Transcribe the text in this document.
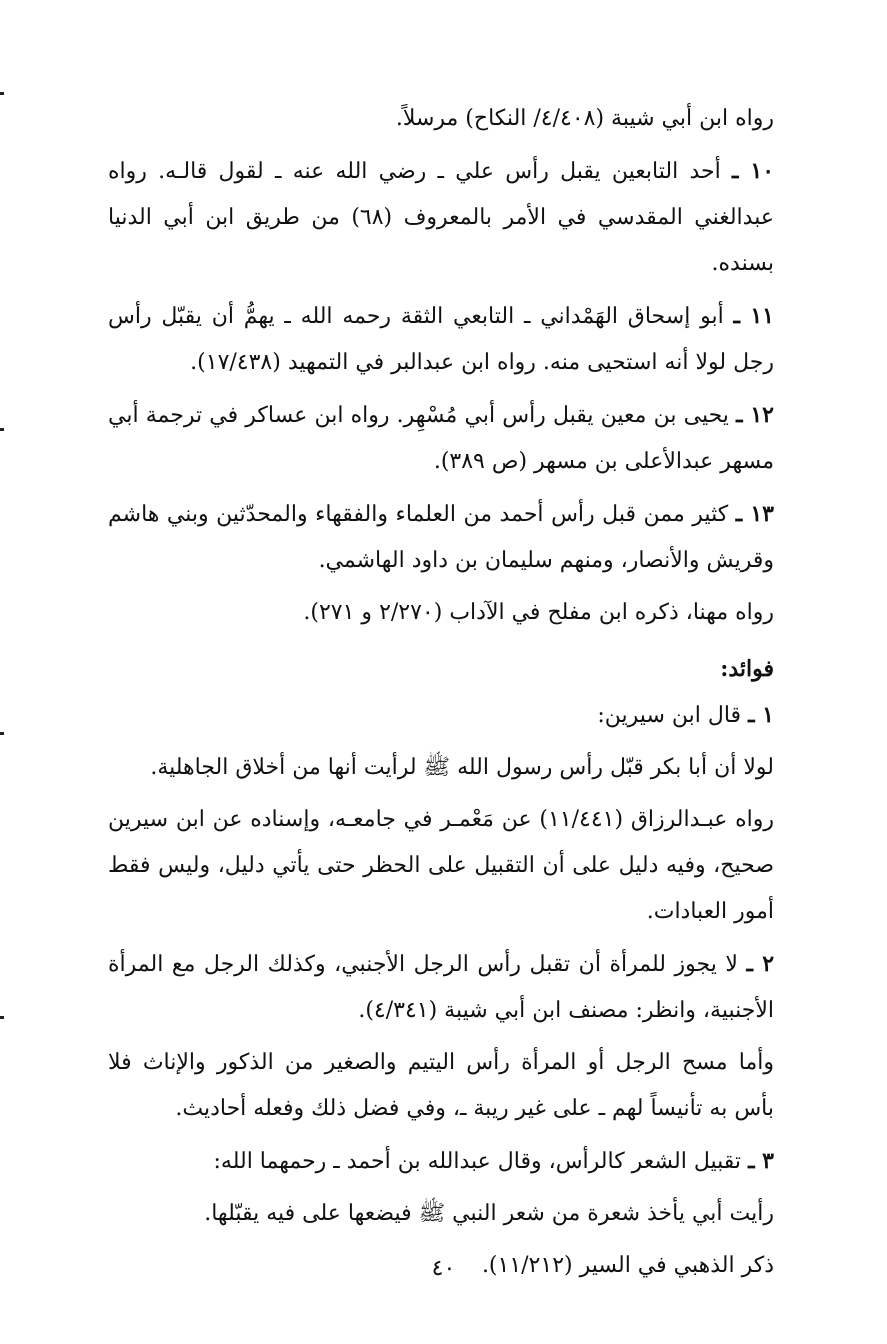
رواه ابن أبي شيبة (٤/٤٠٨/ النكاح) مرسلاً.

١٠ ـ أحد التابعين يقبل رأس علي ـ رضي الله عنه ـ لقول قالـه. رواه عبدالغني المقدسي في الأمر بالمعروف (٦٨) من طريق ابن أبي الدنيا بسنده.

١١ ـ أبو إسحاق الهَمْداني ـ التابعي الثقة رحمه الله ـ يهمُّ أن يقبّل رأس رجل لولا أنه استحيى منه. رواه ابن عبدالبر في التمهيد (١٧/٤٣٨).

١٢ ـ يحيى بن معين يقبل رأس أبي مُسْهِر. رواه ابن عساكر في ترجمة أبي مسهر عبدالأعلى بن مسهر (ص ٣٨٩).

١٣ ـ كثير ممن قبل رأس أحمد من العلماء والفقهاء والمحدّثين وبني هاشم وقريش والأنصار، ومنهم سليمان بن داود الهاشمي.

رواه مهنا، ذكره ابن مفلح في الآداب (٢/٢٧٠ و ٢٧١).

فوائد:

١ ـ قال ابن سيرين:

لولا أن أبا بكر قبّل رأس رسول الله ﷺ لرأيت أنها من أخلاق الجاهلية.

رواه عبـدالرزاق (١١/٤٤١) عن مَعْمـر في جامعـه، وإسناده عن ابن سيرين صحيح، وفيه دليل على أن التقبيل على الحظر حتى يأتي دليل، وليس فقط أمور العبادات.

٢ ـ لا يجوز للمرأة أن تقبل رأس الرجل الأجنبي، وكذلك الرجل مع المرأة الأجنبية، وانظر: مصنف ابن أبي شيبة (٤/٣٤١).

وأما مسح الرجل أو المرأة رأس اليتيم والصغير من الذكور والإناث فلا بأس به تأنيساً لهم ـ على غير ريبة ـ، وفي فضل ذلك وفعله أحاديث.

٣ ـ تقبيل الشعر كالرأس، وقال عبدالله بن أحمد ـ رحمهما الله:

رأيت أبي يأخذ شعرة من شعر النبي ﷺ فيضعها على فيه يقبّلها.

ذكر الذهبي في السير (١١/٢١٢).

٤٠
